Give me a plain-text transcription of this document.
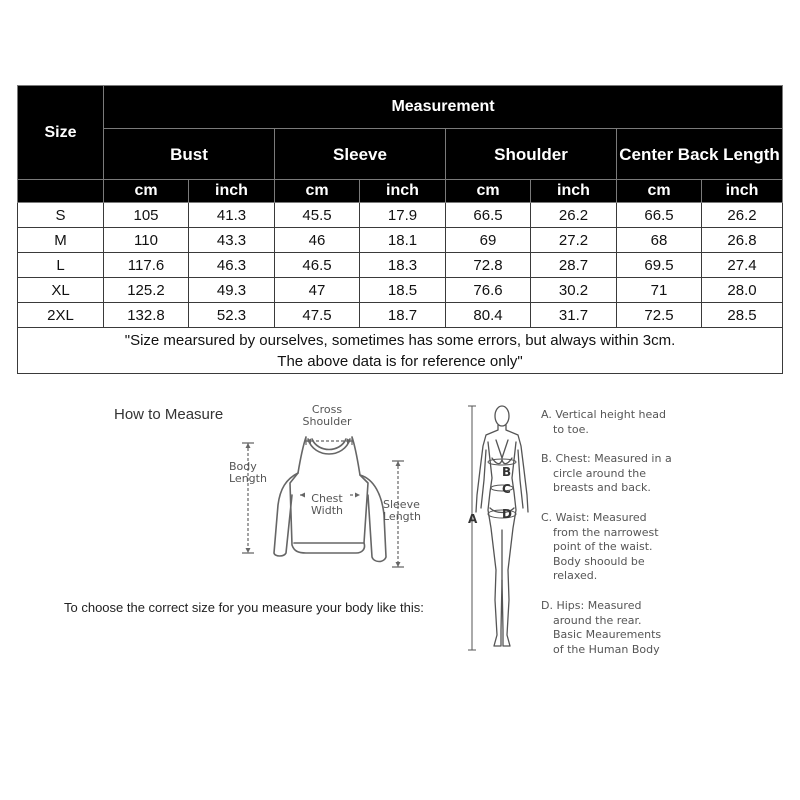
Size	Measurement							
	Bust		Sleeve		Shoulder		Center Back Length	
	cm	inch	cm	inch	cm	inch	cm	inch
S	105	41.3	45.5	17.9	66.5	26.2	66.5	26.2
M	110	43.3	46	18.1	69	27.2	68	26.8
L	117.6	46.3	46.5	18.3	72.8	28.7	69.5	27.4
XL	125.2	49.3	47	18.5	76.6	30.2	71	28.0
2XL	132.8	52.3	47.5	18.7	80.4	31.7	72.5	28.5
"Size mearsured by ourselves, sometimes has some errors, but always within 3cm.
The above data is for reference only"								
How to Measure	Cross
Shoulder
Body
Length
Chest
Width	Sleeve
Length
To choose the correct size for you measure your body like this:
B
C
D
A
A. Vertical height head
to toe.
B. Chest: Measured in a
circle around the
breasts and back.
C. Waist: Measured
from the narrowest
point of the waist.
Body shoould be
relaxed.
D. Hips: Measured
around the rear.
Basic Meaurements
of the Human Body
